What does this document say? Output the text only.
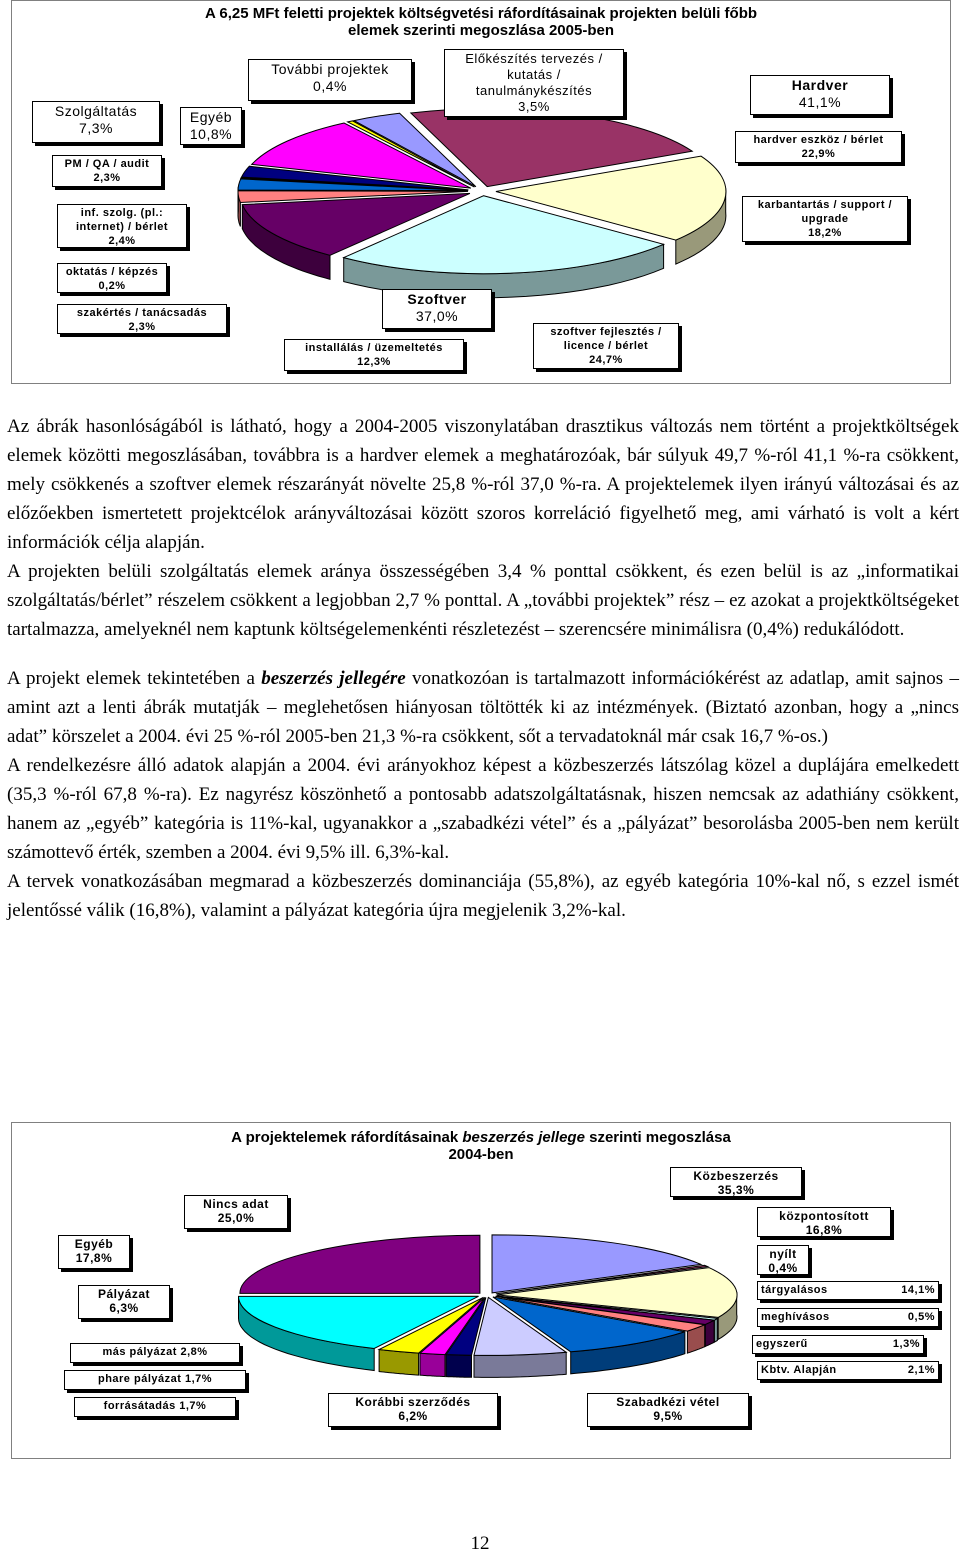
A 6,25 MFt feletti projektek költségvetési ráfordításainak projekten belüli főbb
elemek szerinti megoszlása 2005-ben
Szolgáltatás
7,3%
PM / QA / audit
2,3%
inf. szolg. (pl.: internet) / bérlet
2,4%
oktatás / képzés
0,2%
szakértés / tanácsadás
2,3%
Egyéb
10,8%
További projektek
0,4%
Előkészítés tervezés / kutatás / tanulmánykészítés
3,5%
Hardver
41,1%
hardver eszköz / bérlet
22,9%
karbantartás / support / upgrade
18,2%
Szoftver
37,0%
installálás / üzemeltetés
12,3%
szoftver fejlesztés / licence / bérlet
24,7%

Az ábrák hasonlóságából is látható, hogy a 2004-2005 viszonylatában drasztikus változás nem történt a projektköltségek elemek közötti megoszlásában, továbbra is a hardver elemek a meghatározóak, bár súlyuk 49,7 %-ról 41,1 %-ra csökkent, mely csökkenés a szoftver elemek részarányát növelte 25,8 %-ról 37,0 %-ra. A projektelemek ilyen irányú változásai és az előzőekben ismertetett projektcélok arányváltozásai között szoros korreláció figyelhető meg, ami várható is volt a kért információk célja alapján.

A projekten belüli szolgáltatás elemek aránya összességében 3,4 % ponttal csökkent, és ezen belül is az „informatikai szolgáltatás/bérlet” részelem csökkent a legjobban 2,7 % ponttal. A „további projektek” rész – ez azokat a projektköltségeket tartalmazza, amelyeknél nem kaptunk költségelemenkénti részletezést – szerencsére minimálisra (0,4%) redukálódott.

A projekt elemek tekintetében a beszerzés jellegére vonatkozóan is tartalmazott információkérést az adatlap, amit sajnos – amint azt a lenti ábrák mutatják – meglehetősen hiányosan töltötték ki az intézmények. (Biztató azonban, hogy a „nincs adat” körszelet a 2004. évi 25 %-ról 2005-ben 21,3 %-ra csökkent, sőt a tervadatoknál már csak 16,7 %-os.)

A rendelkezésre álló adatok alapján a 2004. évi arányokhoz képest a közbeszerzés látszólag közel a duplájára emelkedett (35,3 %-ról 67,8 %-ra). Ez nagyrész köszönhető a pontosabb adatszolgáltatásnak, hiszen nemcsak az adathiány csökkent, hanem az „egyéb” kategória is 11%-kal, ugyanakkor a „szabadkézi vétel” és a „pályázat” besorolásba 2005-ben nem került számottevő érték, szemben a 2004. évi 9,5% ill. 6,3%-kal.

A tervek vonatkozásában megmarad a közbeszerzés dominanciája (55,8%), az egyéb kategória 10%-kal nő, s ezzel ismét jelentőssé válik (16,8%), valamint a pályázat kategória újra megjelenik 3,2%-kal.

A projektelemek ráfordításainak beszerzés jellege szerinti megoszlása
2004-ben
Egyéb
17,8%
Nincs adat
25,0%
Pályázat
6,3%
más pályázat 2,8%
phare pályázat 1,7%
forrásátadás 1,7%	Korábbi szerződés
6,2%
Szabadkézi vétel
9,5%
Közbeszerzés
35,3%
központosított
16,8%
nyílt
0,4%
tárgyalásos	14,1%
meghívásos	0,5%
egyszerű	1,3%
Kbtv. Alapján	2,1%
12
